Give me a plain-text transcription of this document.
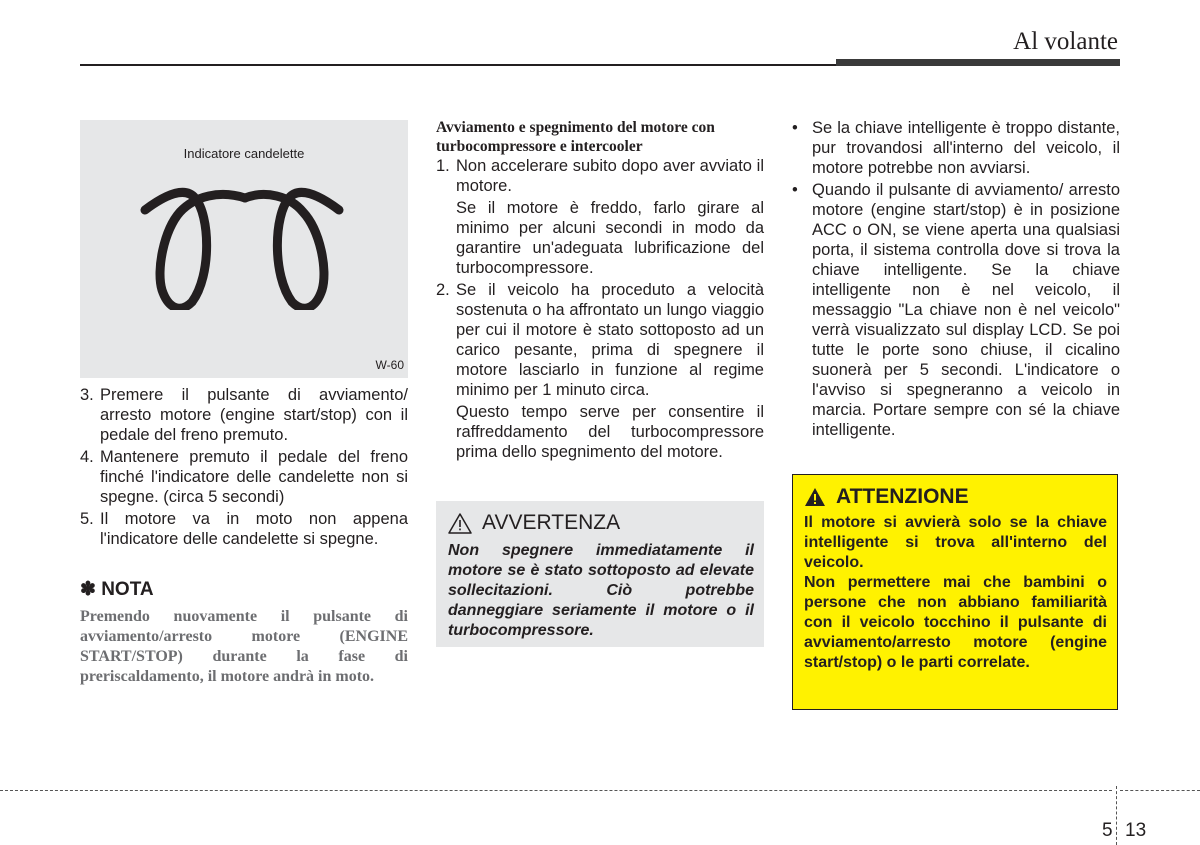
Al volante
Indicatore candelette
W-60
3. Premere il pulsante di avviamento/ arresto motore (engine start/stop) con il pedale del freno premuto.
4. Mantenere premuto il pedale del freno finché l'indicatore delle candelette non si spegne. (circa 5 secondi)
5. Il motore va in moto non appena l'indicatore delle candelette si spegne.
✽ NOTA
Premendo nuovamente il pulsante di avviamento/arresto motore (ENGINE START/STOP) durante la fase di preriscaldamento, il motore andrà in moto.
Avviamento e spegnimento del motore con turbocompressore e intercooler
1. Non accelerare subito dopo aver avviato il motore.
Se il motore è freddo, farlo girare al minimo per alcuni secondi in modo da garantire un'adeguata lubrificazione del turbocompressore.
2. Se il veicolo ha proceduto a velocità sostenuta o ha affrontato un lungo viaggio per cui il motore è stato sottoposto ad un carico pesante, prima di spegnere il motore lasciarlo in funzione al regime minimo per 1 minuto circa.
Questo tempo serve per consentire il raffreddamento del turbocompressore prima dello spegnimento del motore.
AVVERTENZA
Non spegnere immediatamente il motore se è stato sottoposto ad elevate sollecitazioni. Ciò potrebbe danneggiare seriamente il motore o il turbocompressore.
• Se la chiave intelligente è troppo distante, pur trovandosi all'interno del veicolo, il motore potrebbe non avviarsi.
• Quando il pulsante di avviamento/ arresto motore (engine start/stop) è in posizione ACC o ON, se viene aperta una qualsiasi porta, il sistema controlla dove si trova la chiave intelligente. Se la chiave intelligente non è nel veicolo, il messaggio "La chiave non è nel veicolo" verrà visualizzato sul display LCD. Se poi tutte le porte sono chiuse, il cicalino suonerà per 5 secondi. L'indicatore o l'avviso si spegneranno a veicolo in marcia. Portare sempre con sé la chiave intelligente.
ATTENZIONE
Il motore si avvierà solo se la chiave intelligente si trova all'interno del veicolo.
Non permettere mai che bambini o persone che non abbiano familiarità con il veicolo tocchino il pulsante di avviamento/arresto motore (engine start/stop) o le parti correlate.
5 13
